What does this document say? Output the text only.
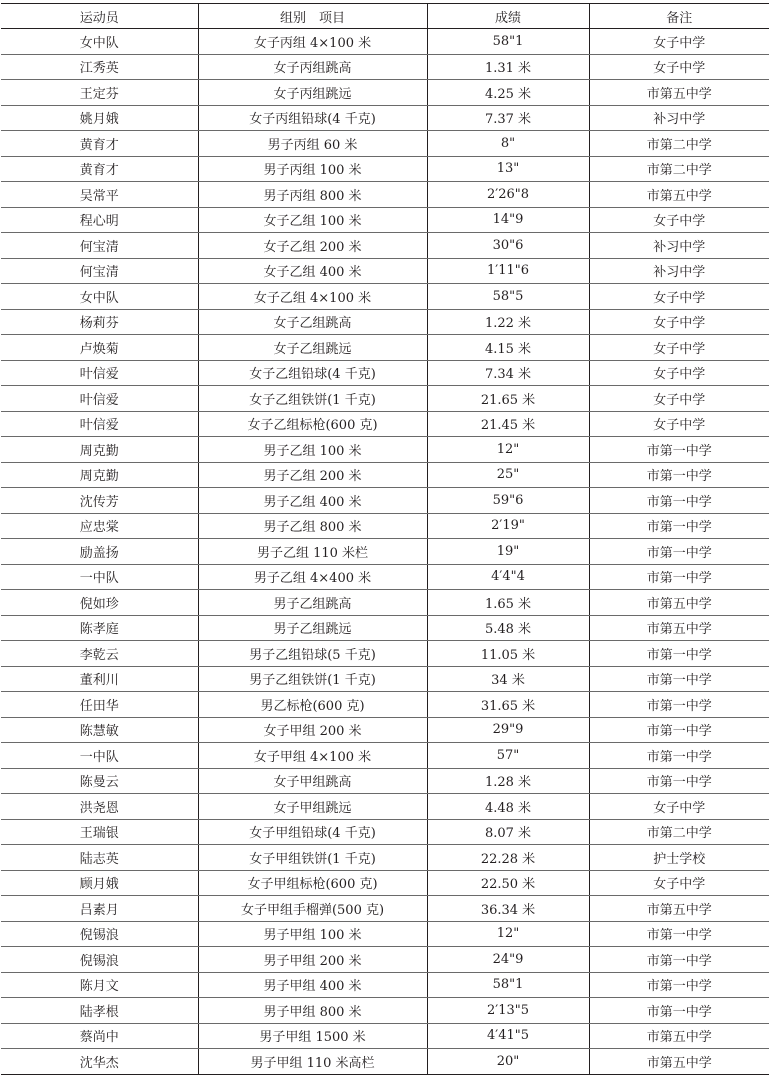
运动员	组别　项目	成绩	备注
女中队	女子丙组 4×100 米	58"1	女子中学
江秀英	女子丙组跳高	1.31 米	女子中学
王定芬	女子丙组跳远	4.25 米	市第五中学
姚月娥	女子丙组铅球(4 千克)	7.37 米	补习中学
黄育才	男子丙组 60 米	8"	市第二中学
黄育才	男子丙组 100 米	13"	市第二中学
吴常平	男子丙组 800 米	2′26"8	市第五中学
程心明	女子乙组 100 米	14"9	女子中学
何宝清	女子乙组 200 米	30"6	补习中学
何宝清	女子乙组 400 米	1′11"6	补习中学
女中队	女子乙组 4×100 米	58"5	女子中学
杨莉芬	女子乙组跳高	1.22 米	女子中学
卢焕菊	女子乙组跳远	4.15 米	女子中学
叶信爱	女子乙组铅球(4 千克)	7.34 米	女子中学
叶信爱	女子乙组铁饼(1 千克)	21.65 米	女子中学
叶信爱	女子乙组标枪(600 克)	21.45 米	女子中学
周克勤	男子乙组 100 米	12"	市第一中学
周克勤	男子乙组 200 米	25"	市第一中学
沈传芳	男子乙组 400 米	59"6	市第一中学
应忠棠	男子乙组 800 米	2′19"	市第一中学
励盖扬	男子乙组 110 米栏	19"	市第一中学
一中队	男子乙组 4×400 米	4′4"4	市第一中学
倪如珍	男子乙组跳高	1.65 米	市第五中学
陈孝庭	男子乙组跳远	5.48 米	市第五中学
李乾云	男子乙组铅球(5 千克)	11.05 米	市第一中学
董利川	男子乙组铁饼(1 千克)	34 米	市第一中学
任田华	男乙标枪(600 克)	31.65 米	市第一中学
陈慧敏	女子甲组 200 米	29"9	市第一中学
一中队	女子甲组 4×100 米	57"	市第一中学
陈曼云	女子甲组跳高	1.28 米	市第一中学
洪尧恩	女子甲组跳远	4.48 米	女子中学
王瑞银	女子甲组铅球(4 千克)	8.07 米	市第二中学
陆志英	女子甲组铁饼(1 千克)	22.28 米	护士学校
顾月娥	女子甲组标枪(600 克)	22.50 米	女子中学
吕素月	女子甲组手榴弹(500 克)	36.34 米	市第五中学
倪锡浪	男子甲组 100 米	12"	市第一中学
倪锡浪	男子甲组 200 米	24"9	市第一中学
陈月文	男子甲组 400 米	58"1	市第一中学
陆孝根	男子甲组 800 米	2′13"5	市第一中学
蔡尚中	男子甲组 1500 米	4′41"5	市第五中学
沈华杰	男子甲组 110 米高栏	20"	市第五中学
